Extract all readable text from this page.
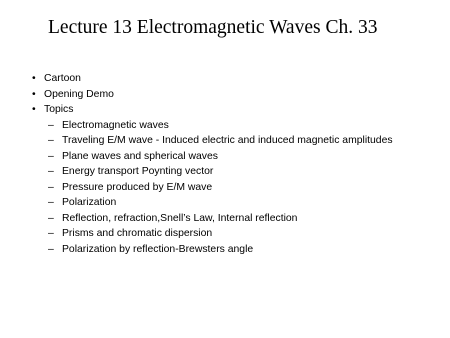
Lecture 13 Electromagnetic Waves Ch. 33
• Cartoon
• Opening Demo
• Topics
– Electromagnetic waves
– Traveling E/M wave - Induced electric and induced magnetic amplitudes
– Plane waves and spherical waves
– Energy transport Poynting vector
– Pressure produced by E/M wave
– Polarization
– Reflection, refraction,Snell’s Law, Internal reflection
– Prisms and chromatic dispersion
– Polarization by reflection-Brewsters angle
